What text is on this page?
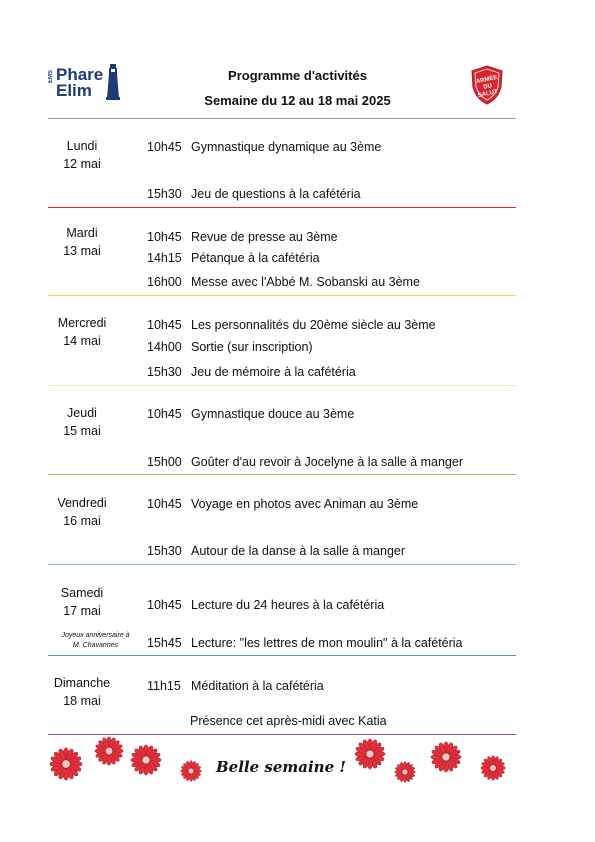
EMS Phare
Elim
Programme d'activités
Semaine du 12 au 18 mai 2025
ARMÉE
DU
SALUT
Lundi
12 mai
10h45 Gymnastique dynamique au 3ème
15h30 Jeu de questions à la cafétéria
Mardi
13 mai
10h45 Revue de presse au 3ème
14h15 Pétanque à la cafétéria
16h00 Messe avec l'Abbé M. Sobanski au 3ème
Mercredi
14 mai
10h45 Les personnalités du 20ème siècle au 3ème
14h00 Sortie (sur inscription)
15h30 Jeu de mémoire à la cafétéria
Jeudi
15 mai
10h45 Gymnastique douce au 3ème
15h00 Goûter d'au revoir à Jocelyne à la salle à manger
Vendredi
16 mai
10h45 Voyage en photos avec Animan au 3ème
15h30 Autour de la danse à la salle à manger
Samedi
17 mai	10h45 Lecture du 24 heures à la cafétéria
Joyeux anniversaire à
M. Chavannes	15h45 Lecture: "les lettres de mon moulin" à la cafétéria
Dimanche
18 mai
11h15 Méditation à la cafétéria
Présence cet après-midi avec Katia
Belle semaine !
